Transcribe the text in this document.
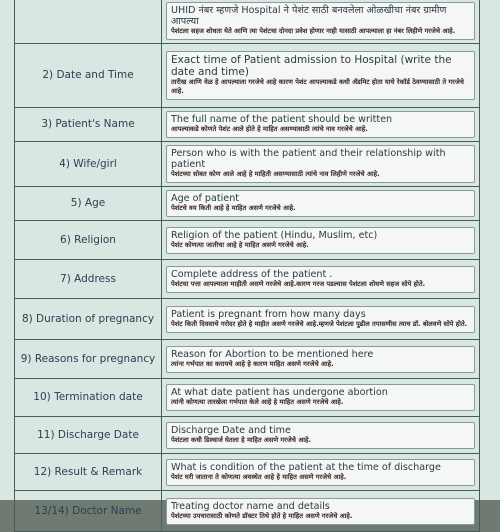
	UHID नंबर म्हणजे Hospital ने पेशंट साठी बनवलेला ओळखीचा नंबर ग्रामीण आपल्या
पेशंटला सहज शोधता येते आणि त्या पेशंटचा दोनदा प्रवेश होणार नाही यासाठी आपल्याला हा नंबर लिहीणे गरजेचे आहे.

2) Date and Time	Exact time of Patient admission to Hospital (write the date and time)
तारीख आणि वेळ हे आपल्याला गरजेचे आहे कारण पेशंट आपल्याकडे कधी ॲडमिट होता याचे रेकॉर्ड ठेवण्यासाठी ते गरजेचे आहे.

3) Patient's Name	The full name of the patient should be written
आपल्याकडे कोणते पेशंट आले होते हे माहित असण्यासाठी त्यांचे नाव गरजेचे आहे.

4) Wife/girl	Person who is with the patient and their relationship with patient
पेशंटच्या सोबत कोण आले आहे हे माहिती असण्यासाठी त्यांचे नाव लिहीणे गरजेचे आहे.

5) Age	Age of patient
पेशंटचे वय किती आहे हे माहित असणे गरजेचे आहे.

6) Religion	Religion of the patient (Hindu, Muslim, etc)
पेशंट कोणत्या जातीचा आहे हे माहित असणे गरजेचे आहे.

7) Address	Complete address of the patient .
पेशंटचा पत्ता आपल्याला माहीती असणे गरजेचे आहे.कारण गरज पडल्यास पेशंटला शोधणे सहज सोपे होते.

8) Duration of pregnancy	Patient is pregnant from how many days
पेशंट किती दिवसाचे गरोदर होते हे माहीत असणे गरजेचे आहे.म्हणजे पेशंटला पुढील तपासणीस त्याच डॉ. बोलवणे सोपे होते.

9) Reasons for pregnancy	Reason for Abortion to be mentioned here
त्यांना गर्भपात का करायचे आहे हे कारण माहित असणे गरजेचे आहे.

10) Termination date	At what date patient has undergone abortion
त्यांनी कोणत्या तारखेला गर्भपात केले आहे हे माहित असणे गरजेचे आहे.

11) Discharge Date	Discharge Date and time
पेशंटला कधी डिस्चार्ज घेतला हे माहित असणे गरजेचे आहे.

12) Result & Remark	What is condition of the patient at the time of discharge
पेशंट घरी जाताना ते कोणत्या अवस्थेत आहे हे माहित असणे गरजेचे आहे.

13/14) Doctor Name	Treating doctor name and details
पेशंटच्या उपचारासाठी कोणते डॉक्टर तिथे होते हे माहित असणे गरजेचे आहे.
